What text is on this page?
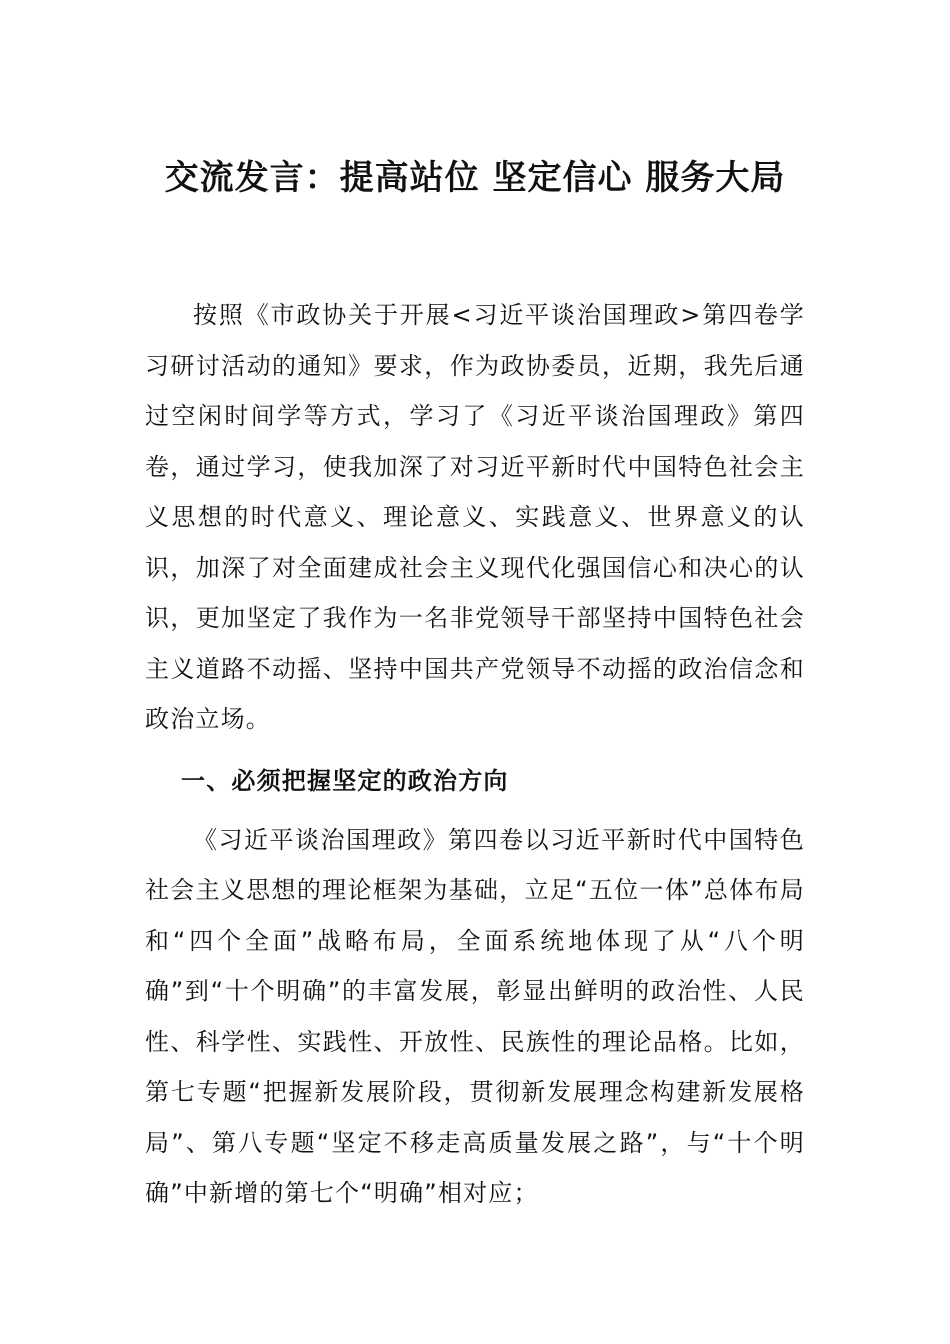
交流发言：提高站位 坚定信心 服务大局

按照《市政协关于开展<习近平谈治国理政>第四卷学习研讨活动的通知》要求，作为政协委员，近期，我先后通过空闲时间学等方式，学习了《习近平谈治国理政》第四卷，通过学习，使我加深了对习近平新时代中国特色社会主义思想的时代意义、理论意义、实践意义、世界意义的认识，加深了对全面建成社会主义现代化强国信心和决心的认识，更加坚定了我作为一名非党领导干部坚持中国特色社会主义道路不动摇、坚持中国共产党领导不动摇的政治信念和政治立场。

一、必须把握坚定的政治方向

《习近平谈治国理政》第四卷以习近平新时代中国特色社会主义思想的理论框架为基础，立足“五位一体”总体布局和“四个全面”战略布局，全面系统地体现了从“八个明确”到“十个明确”的丰富发展，彰显出鲜明的政治性、人民性、科学性、实践性、开放性、民族性的理论品格。比如，第七专题“把握新发展阶段，贯彻新发展理念构建新发展格局”、第八专题“坚定不移走高质量发展之路”，与“十个明确”中新增的第七个“明确”相对应；
